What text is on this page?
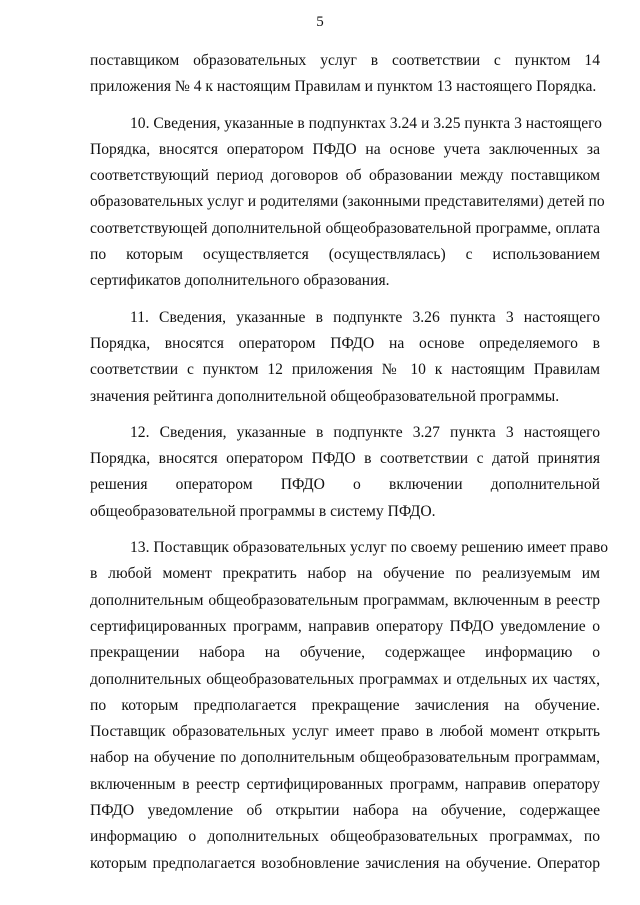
5

поставщиком образовательных услуг в соответствии с пунктом 14
приложения № 4 к настоящим Правилам и пунктом 13 настоящего Порядка.

10. Сведения, указанные в подпунктах 3.24 и 3.25 пункта 3 настоящего
Порядка, вносятся оператором ПФДО на основе учета заключенных за
соответствующий период договоров об образовании между поставщиком
образовательных услуг и родителями (законными представителями) детей по
соответствующей дополнительной общеобразовательной программе, оплата
по которым осуществляется (осуществлялась) с использованием
сертификатов дополнительного образования.

11. Сведения, указанные в подпункте 3.26 пункта 3 настоящего
Порядка, вносятся оператором ПФДО на основе определяемого в
соответствии с пунктом 12 приложения № 10 к настоящим Правилам
значения рейтинга дополнительной общеобразовательной программы.

12. Сведения, указанные в подпункте 3.27 пункта 3 настоящего
Порядка, вносятся оператором ПФДО в соответствии с датой принятия
решения оператором ПФДО о включении дополнительной
общеобразовательной программы в систему ПФДО.

13. Поставщик образовательных услуг по своему решению имеет право
в любой момент прекратить набор на обучение по реализуемым им
дополнительным общеобразовательным программам, включенным в реестр
сертифицированных программ, направив оператору ПФДО уведомление о
прекращении набора на обучение, содержащее информацию о
дополнительных общеобразовательных программах и отдельных их частях,
по которым предполагается прекращение зачисления на обучение.
Поставщик образовательных услуг имеет право в любой момент открыть
набор на обучение по дополнительным общеобразовательным программам,
включенным в реестр сертифицированных программ, направив оператору
ПФДО уведомление об открытии набора на обучение, содержащее
информацию о дополнительных общеобразовательных программах, по
которым предполагается возобновление зачисления на обучение. Оператор
